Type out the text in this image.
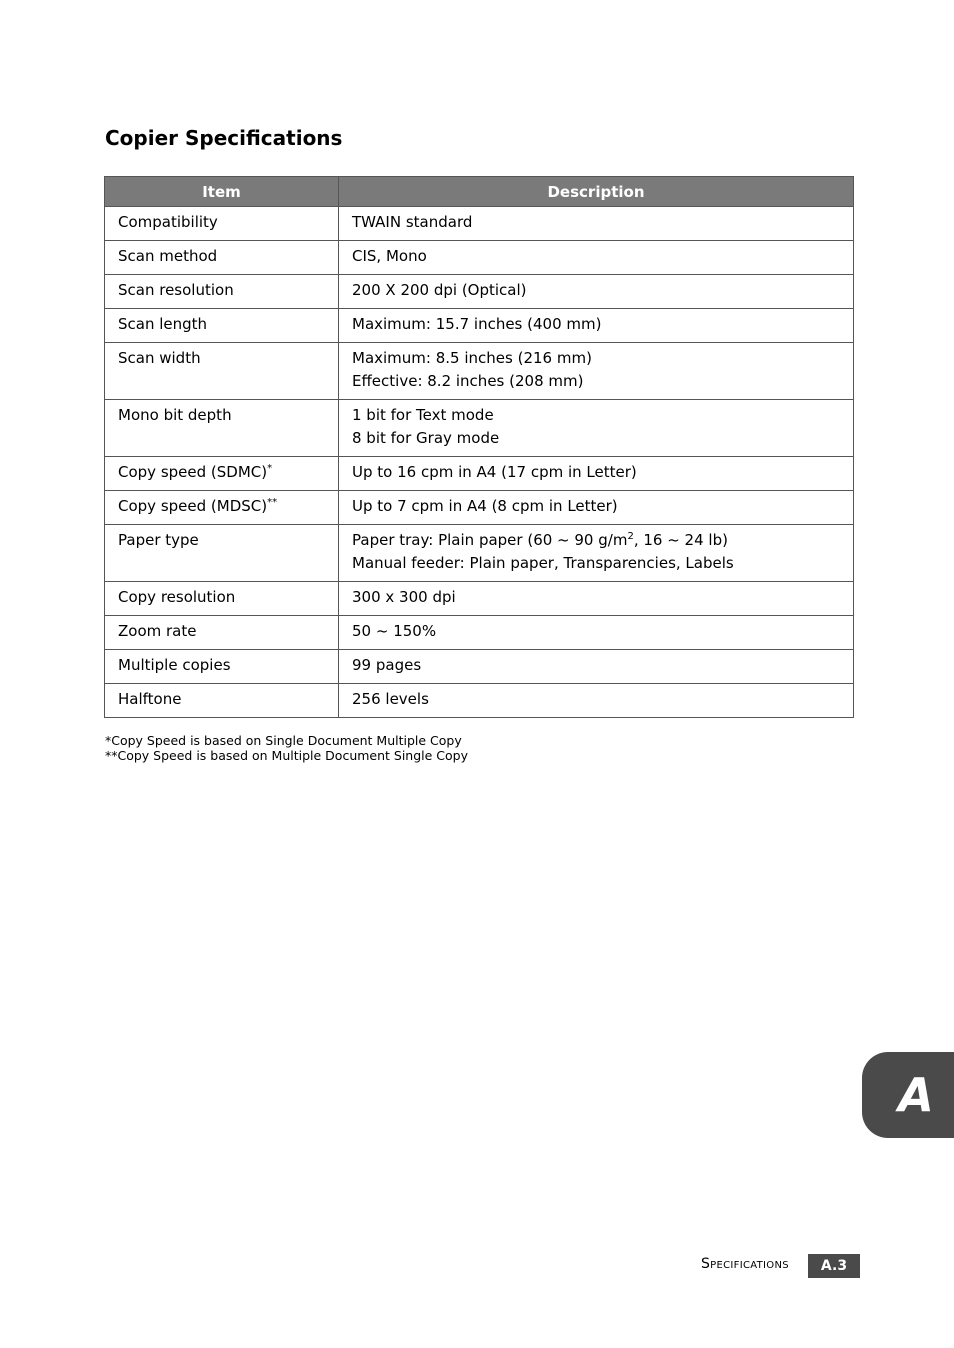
Copier Specifications
Item	Description
Compatibility	TWAIN standard

Scan method	CIS, Mono

Scan resolution	200 X 200 dpi (Optical)

Scan length	Maximum: 15.7 inches (400 mm)

Scan width	Maximum: 8.5 inches (216 mm)
Effective: 8.2 inches (208 mm)

Mono bit depth	1 bit for Text mode
8 bit for Gray mode

Copy speed (SDMC)*	Up to 16 cpm in A4 (17 cpm in Letter)

Copy speed (MDSC)**	Up to 7 cpm in A4 (8 cpm in Letter)

Paper type	Paper tray: Plain paper (60 ~ 90 $g/m^2$, 16 ~ 24 lb)
Manual feeder: Plain paper, Transparencies, Labels

Copy resolution	300 x 300 dpi

Zoom rate	50 ~ 150%

Multiple copies	99 pages

Halftone	256 levels
*Copy Speed is based on Single Document Multiple Copy
**Copy Speed is based on Multiple Document Single Copy
A
Specifications	A.3
